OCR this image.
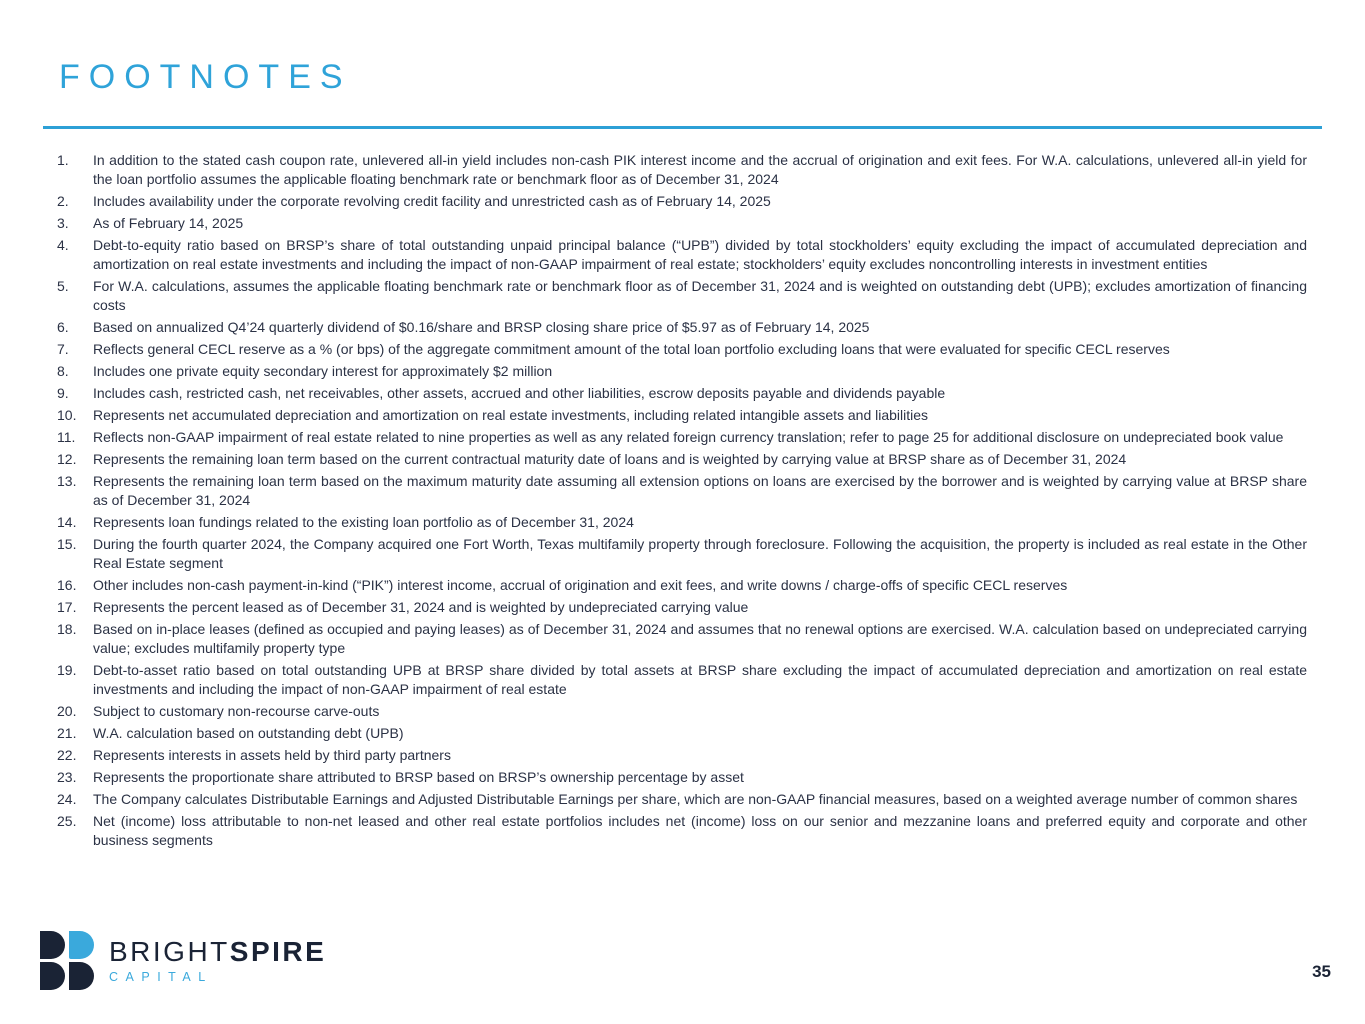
FOOTNOTES
1.	In addition to the stated cash coupon rate, unlevered all-in yield includes non-cash PIK interest income and the accrual of origination and exit fees. For W.A. calculations, unlevered all-in yield for the loan portfolio assumes the applicable floating benchmark rate or benchmark floor as of December 31, 2024
2.	Includes availability under the corporate revolving credit facility and unrestricted cash as of February 14, 2025
3.	As of February 14, 2025
4.	Debt-to-equity ratio based on BRSP’s share of total outstanding unpaid principal balance (“UPB”) divided by total stockholders’ equity excluding the impact of accumulated depreciation and amortization on real estate investments and including the impact of non-GAAP impairment of real estate; stockholders’ equity excludes noncontrolling interests in investment entities
5.	For W.A. calculations, assumes the applicable floating benchmark rate or benchmark floor as of December 31, 2024 and is weighted on outstanding debt (UPB); excludes amortization of financing costs
6.	Based on annualized Q4’24 quarterly dividend of $0.16/share and BRSP closing share price of $5.97 as of February 14, 2025
7.	Reflects general CECL reserve as a % (or bps) of the aggregate commitment amount of the total loan portfolio excluding loans that were evaluated for specific CECL reserves
8.	Includes one private equity secondary interest for approximately $2 million
9.	Includes cash, restricted cash, net receivables, other assets, accrued and other liabilities, escrow deposits payable and dividends payable
10.	Represents net accumulated depreciation and amortization on real estate investments, including related intangible assets and liabilities
11.	Reflects non-GAAP impairment of real estate related to nine properties as well as any related foreign currency translation; refer to page 25 for additional disclosure on undepreciated book value
12.	Represents the remaining loan term based on the current contractual maturity date of loans and is weighted by carrying value at BRSP share as of December 31, 2024
13.	Represents the remaining loan term based on the maximum maturity date assuming all extension options on loans are exercised by the borrower and is weighted by carrying value at BRSP share as of December 31, 2024
14.	Represents loan fundings related to the existing loan portfolio as of December 31, 2024
15.	During the fourth quarter 2024, the Company acquired one Fort Worth, Texas multifamily property through foreclosure. Following the acquisition, the property is included as real estate in the Other Real Estate segment
16.	Other includes non-cash payment-in-kind (“PIK”) interest income, accrual of origination and exit fees, and write downs / charge-offs of specific CECL reserves
17.	Represents the percent leased as of December 31, 2024 and is weighted by undepreciated carrying value
18.	Based on in-place leases (defined as occupied and paying leases) as of December 31, 2024 and assumes that no renewal options are exercised. W.A. calculation based on undepreciated carrying value; excludes multifamily property type
19.	Debt-to-asset ratio based on total outstanding UPB at BRSP share divided by total assets at BRSP share excluding the impact of accumulated depreciation and amortization on real estate investments and including the impact of non-GAAP impairment of real estate
20.	Subject to customary non-recourse carve-outs
21.	W.A. calculation based on outstanding debt (UPB)
22.	Represents interests in assets held by third party partners
23.	Represents the proportionate share attributed to BRSP based on BRSP’s ownership percentage by asset
24.	The Company calculates Distributable Earnings and Adjusted Distributable Earnings per share, which are non-GAAP financial measures, based on a weighted average number of common shares
25.	Net (income) loss attributable to non-net leased and other real estate portfolios includes net (income) loss on our senior and mezzanine loans and preferred equity and corporate and other business segments
BRIGHTSPIRE
CAPITAL	35
